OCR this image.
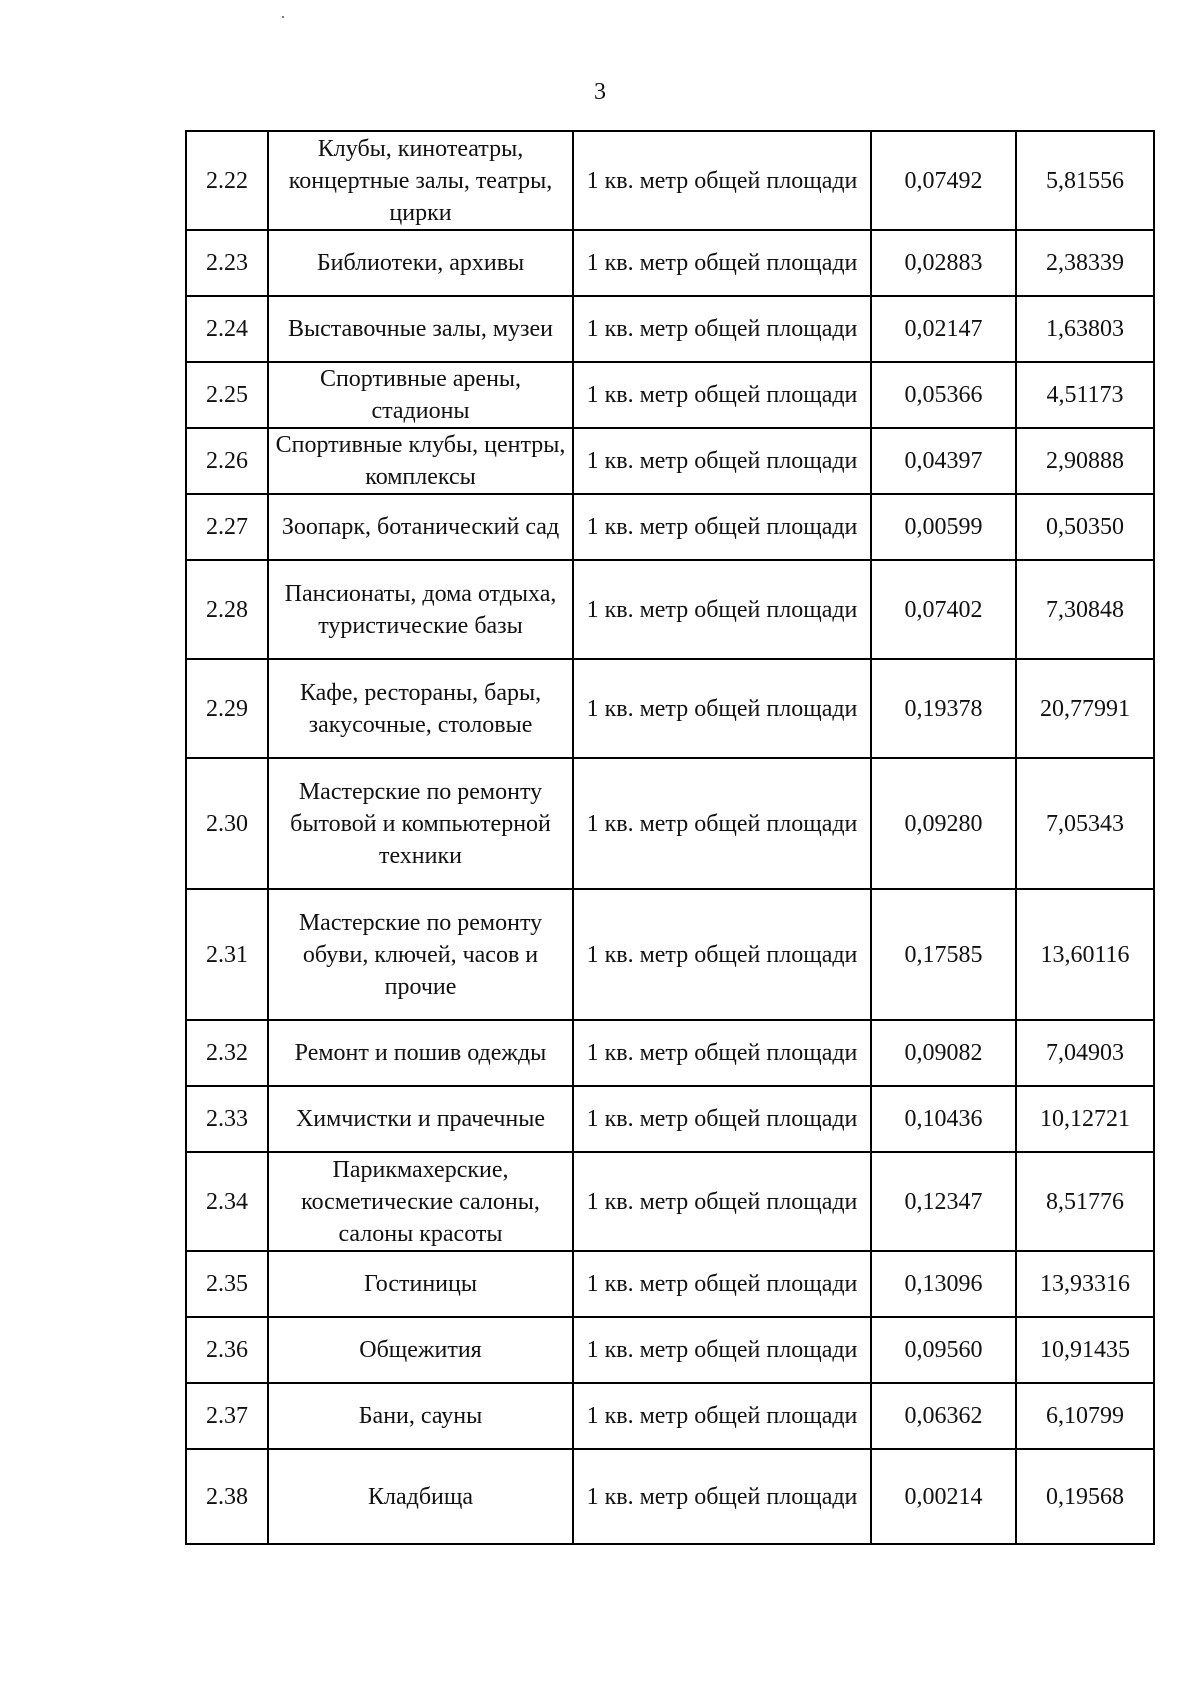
3
2.22	Клубы, кинотеатры, концертные залы, театры, цирки	1 кв. метр общей площади	0,07492	5,81556
2.23	Библиотеки, архивы	1 кв. метр общей площади	0,02883	2,38339
2.24	Выставочные залы, музеи	1 кв. метр общей площади	0,02147	1,63803
2.25	Спортивные арены, стадионы	1 кв. метр общей площади	0,05366	4,51173
2.26	Спортивные клубы, центры, комплексы	1 кв. метр общей площади	0,04397	2,90888
2.27	Зоопарк, ботанический сад	1 кв. метр общей площади	0,00599	0,50350
2.28	Пансионаты, дома отдыха, туристические базы	1 кв. метр общей площади	0,07402	7,30848
2.29	Кафе, рестораны, бары, закусочные, столовые	1 кв. метр общей площади	0,19378	20,77991
2.30	Мастерские по ремонту бытовой и компьютерной техники	1 кв. метр общей площади	0,09280	7,05343
2.31	Мастерские по ремонту обуви, ключей, часов и прочие	1 кв. метр общей площади	0,17585	13,60116
2.32	Ремонт и пошив одежды	1 кв. метр общей площади	0,09082	7,04903
2.33	Химчистки и прачечные	1 кв. метр общей площади	0,10436	10,12721
2.34	Парикмахерские, косметические салоны, салоны красоты	1 кв. метр общей площади	0,12347	8,51776
2.35	Гостиницы	1 кв. метр общей площади	0,13096	13,93316
2.36	Общежития	1 кв. метр общей площади	0,09560	10,91435
2.37	Бани, сауны	1 кв. метр общей площади	0,06362	6,10799
2.38	Кладбища	1 кв. метр общей площади	0,00214	0,19568
